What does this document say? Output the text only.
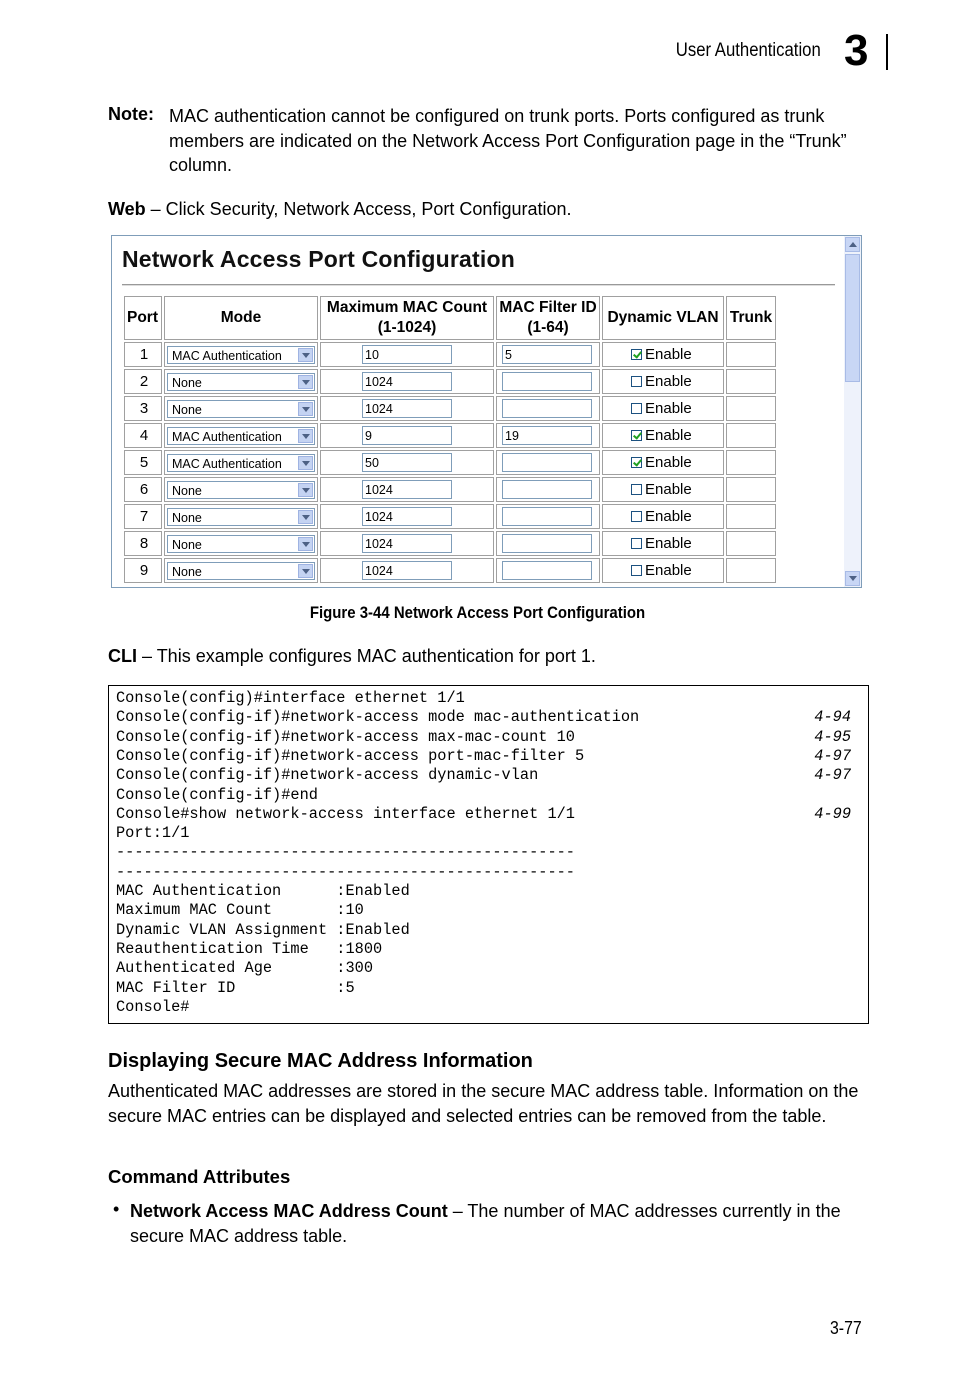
User Authentication 3
Note: MAC authentication cannot be configured on trunk ports. Ports configured as trunk members are indicated on the Network Access Port Configuration page in the “Trunk” column.
Web – Click Security, Network Access, Port Configuration.
Network Access Port Configuration
Port	Mode	Maximum MAC Count (1-1024)	MAC Filter ID (1-64)	Dynamic VLAN	Trunk
1	MAC Authentication	10	5	Enable	
2	None	1024		Enable	
3	None	1024		Enable	
4	MAC Authentication	9	19	Enable	
5	MAC Authentication	50		Enable	
6	None	1024		Enable	
7	None	1024		Enable	
8	None	1024		Enable	
9	None	1024		Enable	
Figure 3-44 Network Access Port Configuration
CLI – This example configures MAC authentication for port 1.
Console(config)#interface ethernet 1/1
Console(config-if)#network-access mode mac-authentication	4-94
Console(config-if)#network-access max-mac-count 10	4-95
Console(config-if)#network-access port-mac-filter 5	4-97
Console(config-if)#network-access dynamic-vlan	4-97
Console(config-if)#end
Console#show network-access interface ethernet 1/1	4-99
Port:1/1
--------------------------------------------------
--------------------------------------------------
MAC Authentication      :Enabled
Maximum MAC Count       :10
Dynamic VLAN Assignment :Enabled
Reauthentication Time   :1800
Authenticated Age       :300
MAC Filter ID           :5
Console#
Displaying Secure MAC Address Information
Authenticated MAC addresses are stored in the secure MAC address table. Information on the secure MAC entries can be displayed and selected entries can be removed from the table.
Command Attributes
• Network Access MAC Address Count – The number of MAC addresses currently in the secure MAC address table.
3-77
